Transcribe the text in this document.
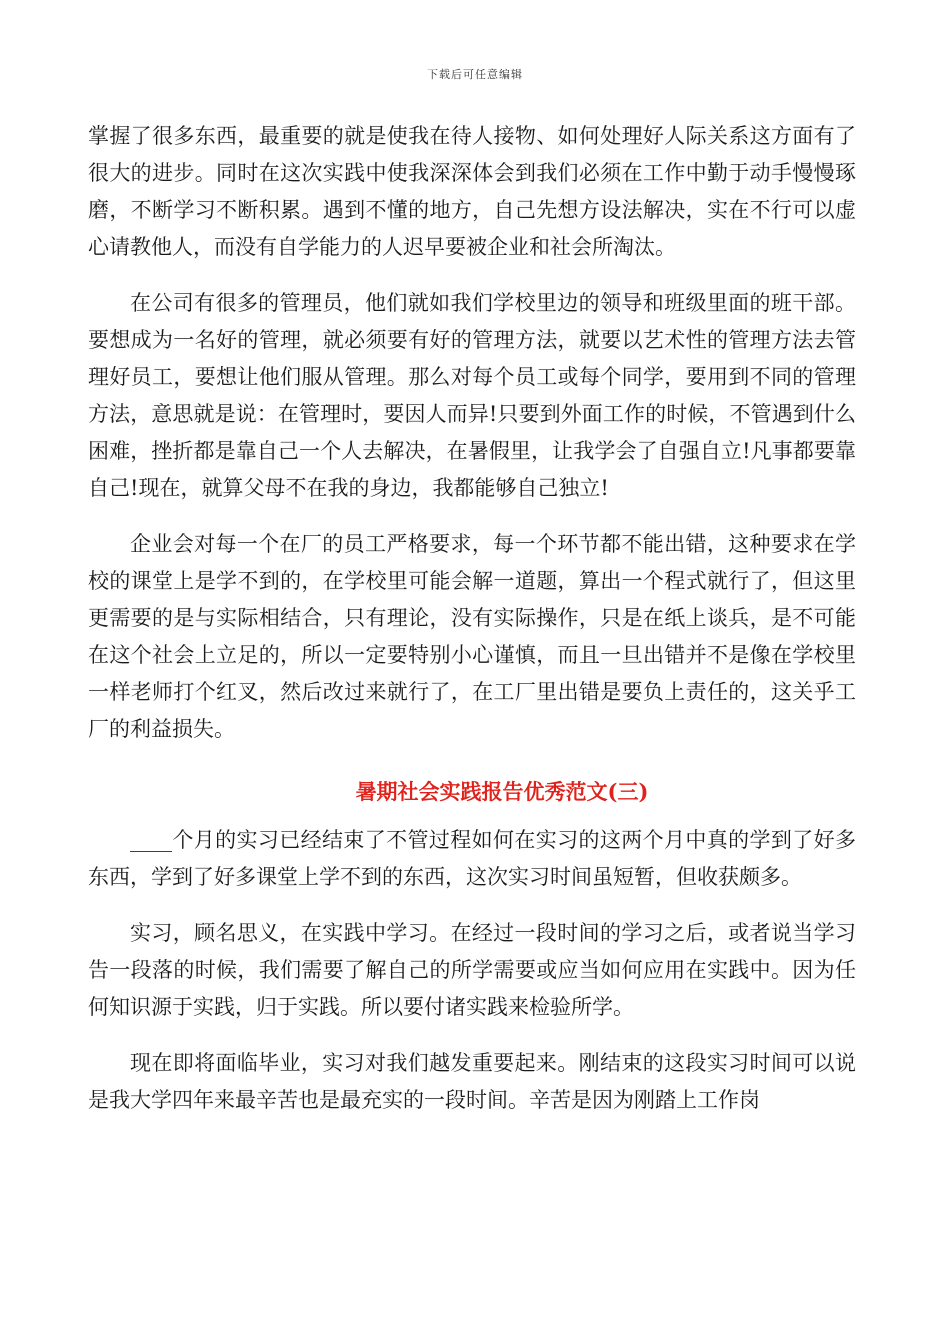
下载后可任意编辑

掌握了很多东西，最重要的就是使我在待人接物、如何处理好人际关系这方面有了很大的进步。同时在这次实践中使我深深体会到我们必须在工作中勤于动手慢慢琢磨，不断学习不断积累。遇到不懂的地方，自己先想方设法解决，实在不行可以虚心请教他人，而没有自学能力的人迟早要被企业和社会所淘汰。

在公司有很多的管理员，他们就如我们学校里边的领导和班级里面的班干部。要想成为一名好的管理，就必须要有好的管理方法，就要以艺术性的管理方法去管理好员工，要想让他们服从管理。那么对每个员工或每个同学，要用到不同的管理方法，意思就是说：在管理时，要因人而异!只要到外面工作的时候，不管遇到什么困难，挫折都是靠自己一个人去解决，在暑假里，让我学会了自强自立!凡事都要靠自己!现在，就算父母不在我的身边，我都能够自己独立!

企业会对每一个在厂的员工严格要求，每一个环节都不能出错，这种要求在学校的课堂上是学不到的，在学校里可能会解一道题，算出一个程式就行了，但这里更需要的是与实际相结合，只有理论，没有实际操作，只是在纸上谈兵，是不可能在这个社会上立足的，所以一定要特别小心谨慎，而且一旦出错并不是像在学校里一样老师打个红叉，然后改过来就行了，在工厂里出错是要负上责任的，这关乎工厂的利益损失。

暑期社会实践报告优秀范文(三)

____个月的实习已经结束了不管过程如何在实习的这两个月中真的学到了好多东西，学到了好多课堂上学不到的东西，这次实习时间虽短暂，但收获颇多。

实习，顾名思义，在实践中学习。在经过一段时间的学习之后，或者说当学习告一段落的时候，我们需要了解自己的所学需要或应当如何应用在实践中。因为任何知识源于实践，归于实践。所以要付诸实践来检验所学。

现在即将面临毕业，实习对我们越发重要起来。刚结束的这段实习时间可以说是我大学四年来最辛苦也是最充实的一段时间。辛苦是因为刚踏上工作岗
